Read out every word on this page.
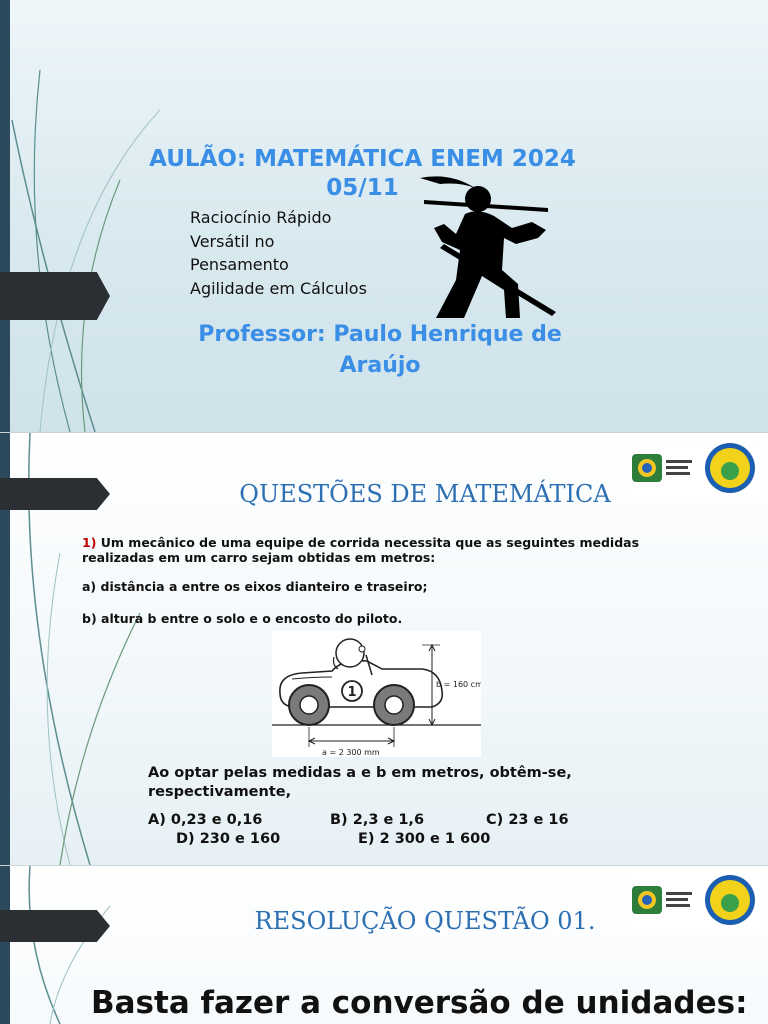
AULÃO: MATEMÁTICA ENEM 2024
05/11
Raciocínio Rápido
Versátil no
Pensamento
Agilidade em Cálculos
Professor: Paulo Henrique de
Araújo
QUESTÕES DE MATEMÁTICA
1) Um mecânico de uma equipe de corrida necessita que as seguintes medidas
realizadas em um carro sejam obtidas em metros:
a) distância a entre os eixos dianteiro e traseiro;
b) altura b entre o solo e o encosto do piloto.
1
b = 160 cm
a = 2 300 mm
Ao optar pelas medidas a e b em metros, obtêm-se,
respectivamente,
A) 0,23 e 0,16	B) 2,3 e 1,6	C) 23 e 16
D) 230 e 160	E) 2 300 e 1 600
RESOLUÇÃO QUESTÃO 01.
Basta fazer a conversão de unidades:
